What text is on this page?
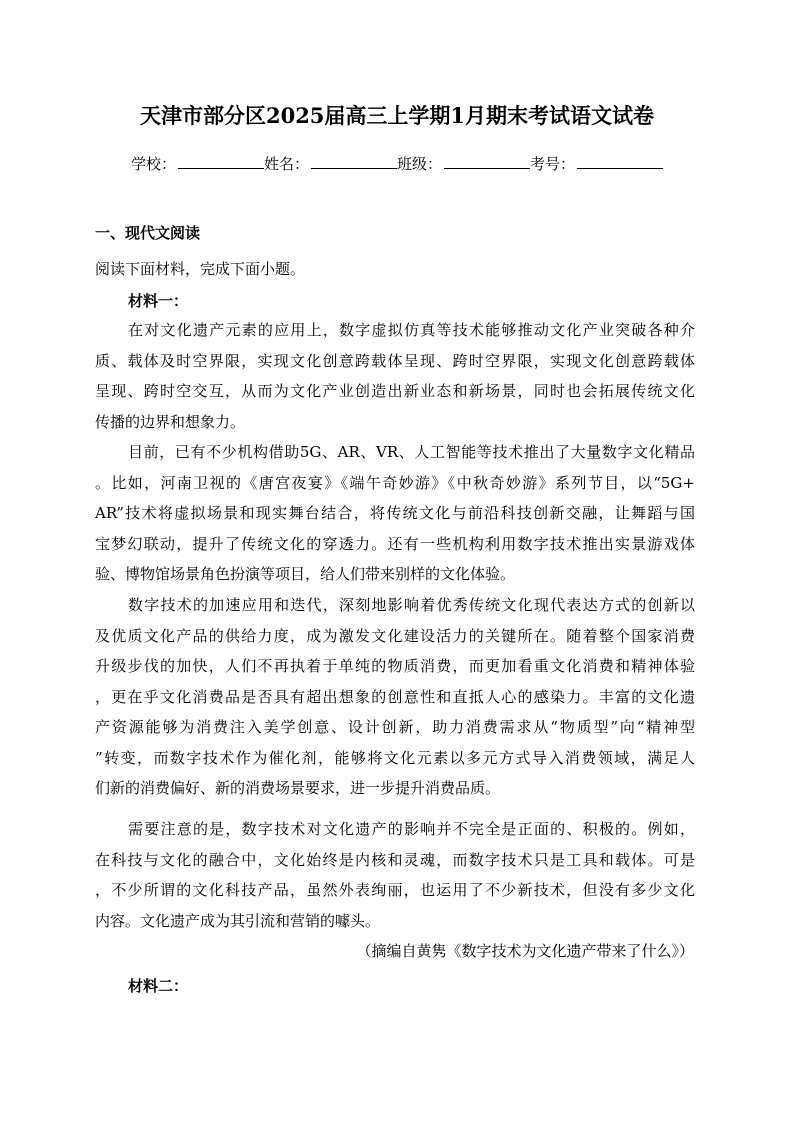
天津市部分区2025届高三上学期1月期末考试语文试卷
学校：	姓名：	班级：	考号：
一、现代文阅读
阅读下面材料，完成下面小题。
材料一：
在对文化遗产元素的应用上，数字虚拟仿真等技术能够推动文化产业突破各种介
质、载体及时空界限，实现文化创意跨载体呈现、跨时空界限，实现文化创意跨载体
呈现、跨时空交互，从而为文化产业创造出新业态和新场景，同时也会拓展传统文化
传播的边界和想象力。
目前，已有不少机构借助5G、AR、VR、人工智能等技术推出了大量数字文化精品
。比如，河南卫视的《唐宫夜宴》《端午奇妙游》《中秋奇妙游》系列节目，以“5G+
AR”技术将虚拟场景和现实舞台结合，将传统文化与前沿科技创新交融，让舞蹈与国
宝梦幻联动，提升了传统文化的穿透力。还有一些机构利用数字技术推出实景游戏体
验、博物馆场景角色扮演等项目，给人们带来别样的文化体验。
数字技术的加速应用和迭代，深刻地影响着优秀传统文化现代表达方式的创新以
及优质文化产品的供给力度，成为激发文化建设活力的关键所在。随着整个国家消费
升级步伐的加快，人们不再执着于单纯的物质消费，而更加看重文化消费和精神体验
，更在乎文化消费品是否具有超出想象的创意性和直抵人心的感染力。丰富的文化遗
产资源能够为消费注入美学创意、设计创新，助力消费需求从“物质型”向“精神型
”转变，而数字技术作为催化剂，能够将文化元素以多元方式导入消费领域，满足人
们新的消费偏好、新的消费场景要求，进一步提升消费品质。
需要注意的是，数字技术对文化遗产的影响并不完全是正面的、积极的。例如，
在科技与文化的融合中，文化始终是内核和灵魂，而数字技术只是工具和载体。可是
，不少所谓的文化科技产品，虽然外表绚丽，也运用了不少新技术，但没有多少文化
内容。文化遗产成为其引流和营销的噱头。
（摘编自黄隽《数字技术为文化遗产带来了什么》）
材料二：
